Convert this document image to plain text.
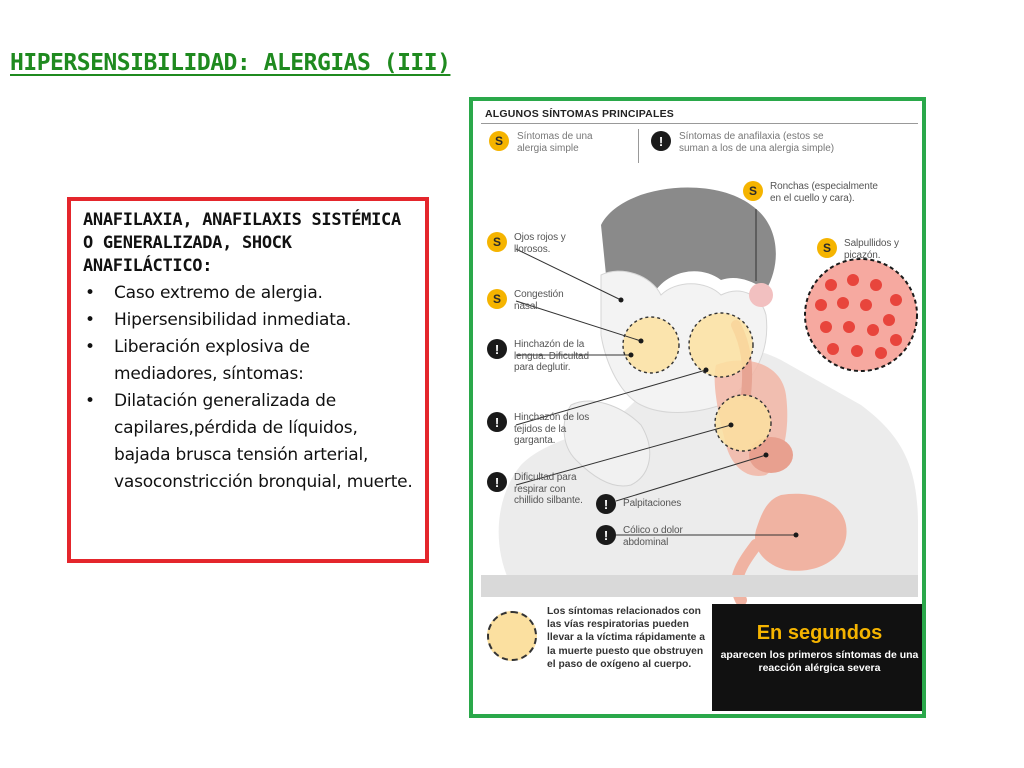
HIPERSENSIBILIDAD: ALERGIAS (III)
ANAFILAXIA, ANAFILAXIS SISTÉMICA O GENERALIZADA, SHOCK ANAFILÁCTICO:
• Caso extremo de alergia.
• Hipersensibilidad inmediata.
• Liberación explosiva de mediadores, síntomas:
• Dilatación generalizada de capilares,pérdida de líquidos, bajada brusca tensión arterial, vasoconstricción bronquial, muerte.
ALGUNOS SÍNTOMAS PRINCIPALES
S	Síntomas de una alergia simple	!	Síntomas de anafilaxia (estos se suman a los de una alergia simple)
S	Ronchas (especialmente en el cuello y cara).
S	Salpullidos y picazón.
S	Ojos rojos y llorosos.
S	Congestión nasal.
!	Hinchazón de la lengua. Dificultad para deglutir.
!	Hinchazón de los tejidos de la garganta.
!	Dificultad para respirar con chillido silbante.	!	Palpitaciones
!	Cólico o dolor abdominal
Los síntomas relacionados con las vías respiratorias pueden llevar a la víctima rápidamente a la muerte puesto que obstruyen el paso de oxígeno al cuerpo.
En segundos
aparecen los primeros síntomas de una reacción alérgica severa
